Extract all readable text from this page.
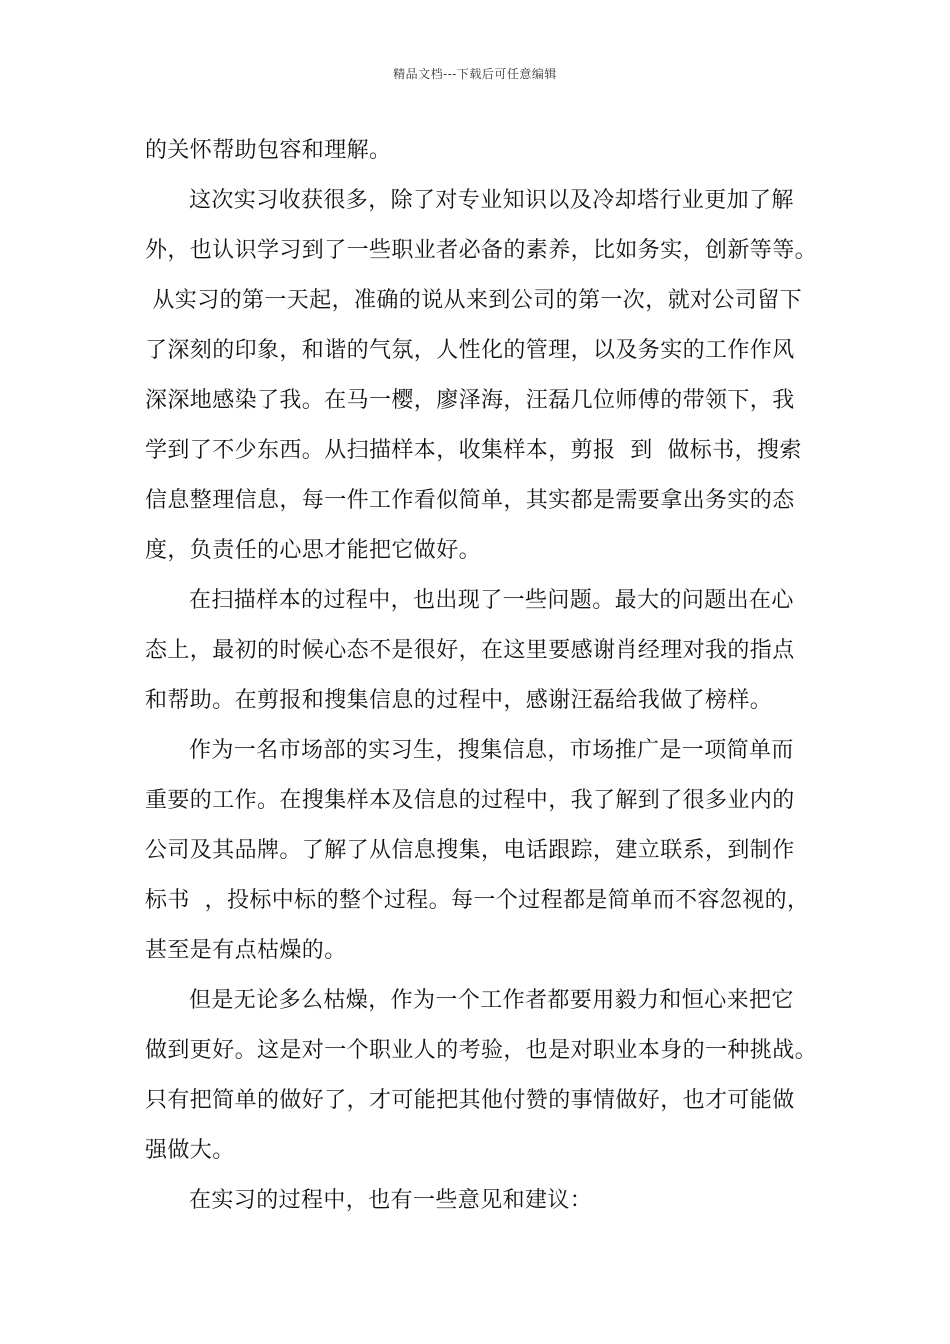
精品文档---下载后可任意编辑
的关怀帮助包容和理解。
这次实习收获很多，除了对专业知识以及冷却塔行业更加了解
外，也认识学习到了一些职业者必备的素养，比如务实，创新等等。
从实习的第一天起，准确的说从来到公司的第一次，就对公司留下
了深刻的印象，和谐的气氛，人性化的管理，以及务实的工作作风
深深地感染了我。在马一樱，廖泽海，汪磊几位师傅的带领下，我
学到了不少东西。从扫描样本，收集样本，剪报  到  做标书，搜索
信息整理信息，每一件工作看似简单，其实都是需要拿出务实的态
度，负责任的心思才能把它做好。
在扫描样本的过程中，也出现了一些问题。最大的问题出在心
态上，最初的时候心态不是很好，在这里要感谢肖经理对我的指点
和帮助。在剪报和搜集信息的过程中，感谢汪磊给我做了榜样。
作为一名市场部的实习生，搜集信息，市场推广是一项简单而
重要的工作。在搜集样本及信息的过程中，我了解到了很多业内的
公司及其品牌。了解了从信息搜集，电话跟踪，建立联系，到制作
标书  ，投标中标的整个过程。每一个过程都是简单而不容忽视的，
甚至是有点枯燥的。
但是无论多么枯燥，作为一个工作者都要用毅力和恒心来把它
做到更好。这是对一个职业人的考验，也是对职业本身的一种挑战。
只有把简单的做好了，才可能把其他付赞的事情做好，也才可能做
强做大。
在实习的过程中，也有一些意见和建议：
